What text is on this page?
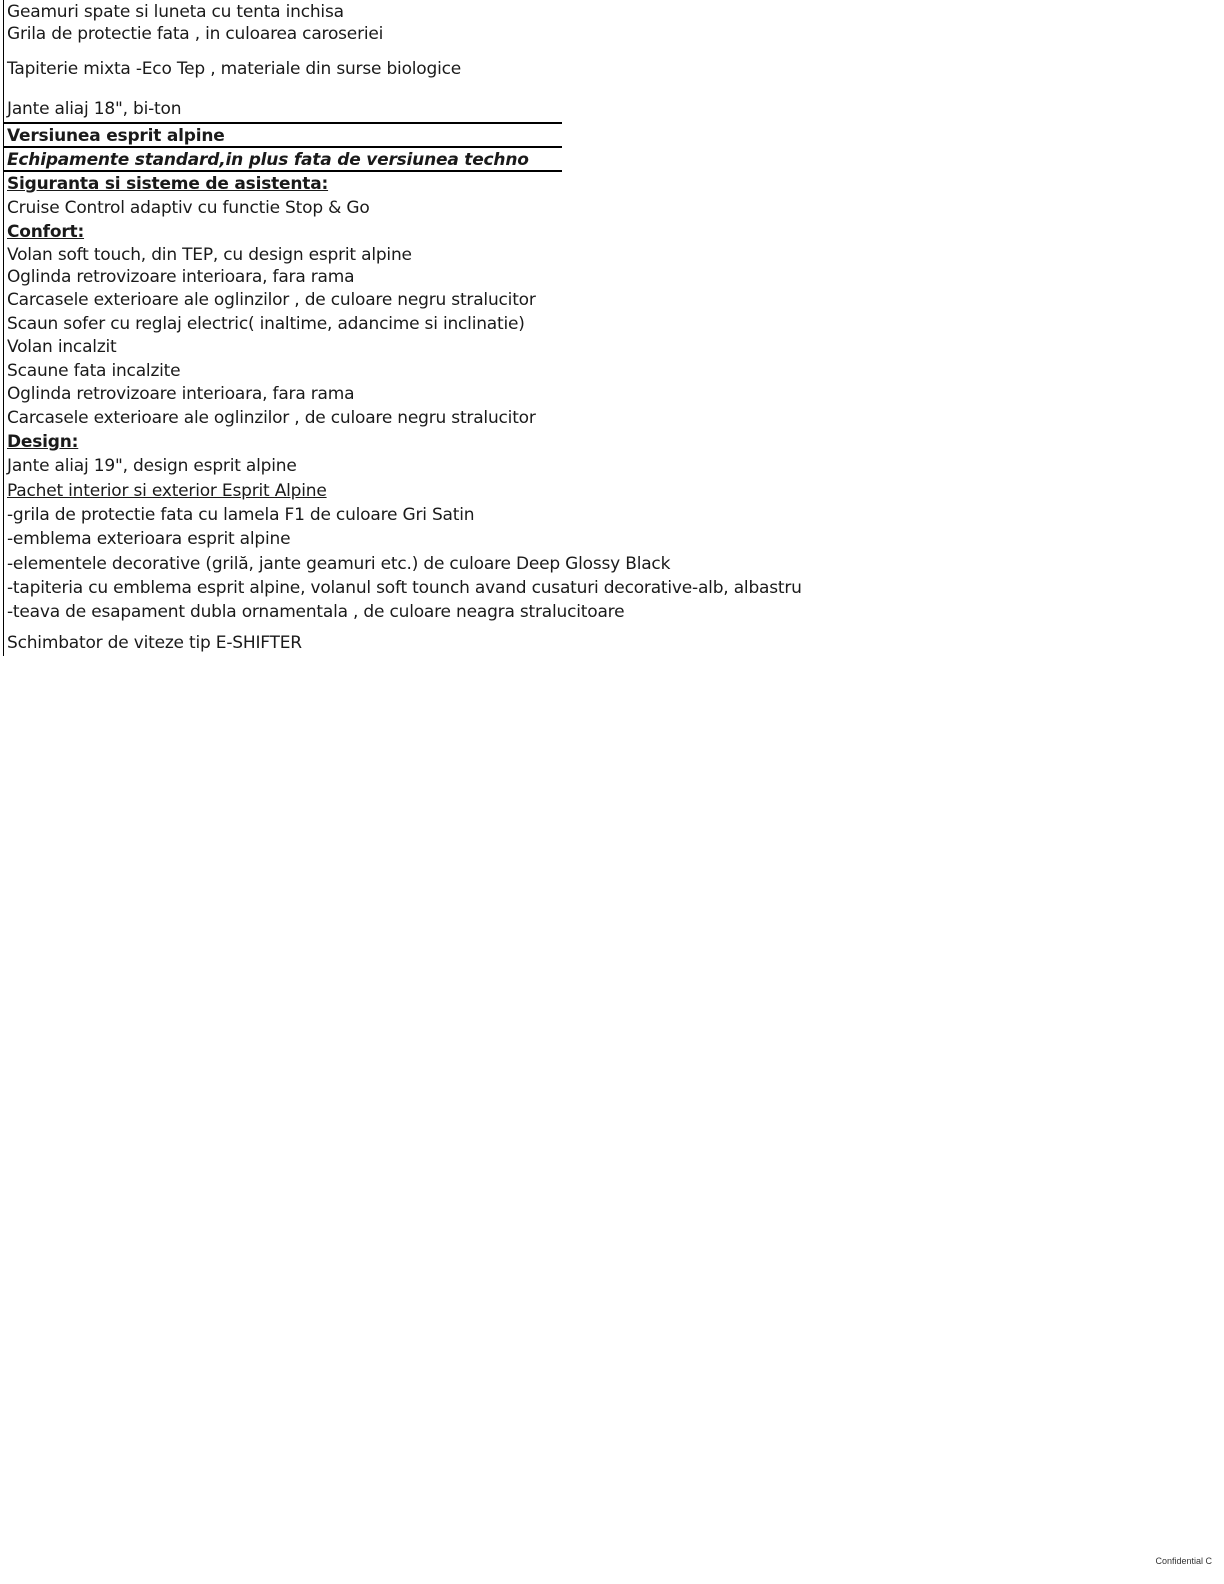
Geamuri spate si luneta cu tenta inchisa
Grila de protectie fata , in culoarea caroseriei
Tapiterie mixta -Eco Tep , materiale din surse biologice
Jante aliaj 18", bi-ton
Versiunea esprit alpine
Echipamente standard,in plus fata de versiunea techno
Siguranta si sisteme de asistenta:
Cruise Control adaptiv cu functie Stop & Go
Confort:
Volan soft touch, din TEP, cu design esprit alpine
Oglinda retrovizoare interioara, fara rama
Carcasele exterioare ale oglinzilor , de culoare negru stralucitor
Scaun sofer cu reglaj electric( inaltime, adancime si inclinatie)
Volan incalzit
Scaune fata incalzite
Oglinda retrovizoare interioara, fara rama
Carcasele exterioare ale oglinzilor , de culoare negru stralucitor
Design:
Jante aliaj 19", design esprit alpine
Pachet interior si exterior Esprit Alpine
-grila de protectie fata cu lamela F1 de culoare Gri Satin
-emblema exterioara esprit alpine
-elementele decorative (grilă, jante geamuri etc.) de culoare Deep Glossy Black
-tapiteria cu emblema esprit alpine, volanul soft tounch avand cusaturi decorative-alb, albastru
-teava de esapament dubla ornamentala , de culoare neagra stralucitoare
Schimbator de viteze tip E-SHIFTER
Confidential C
